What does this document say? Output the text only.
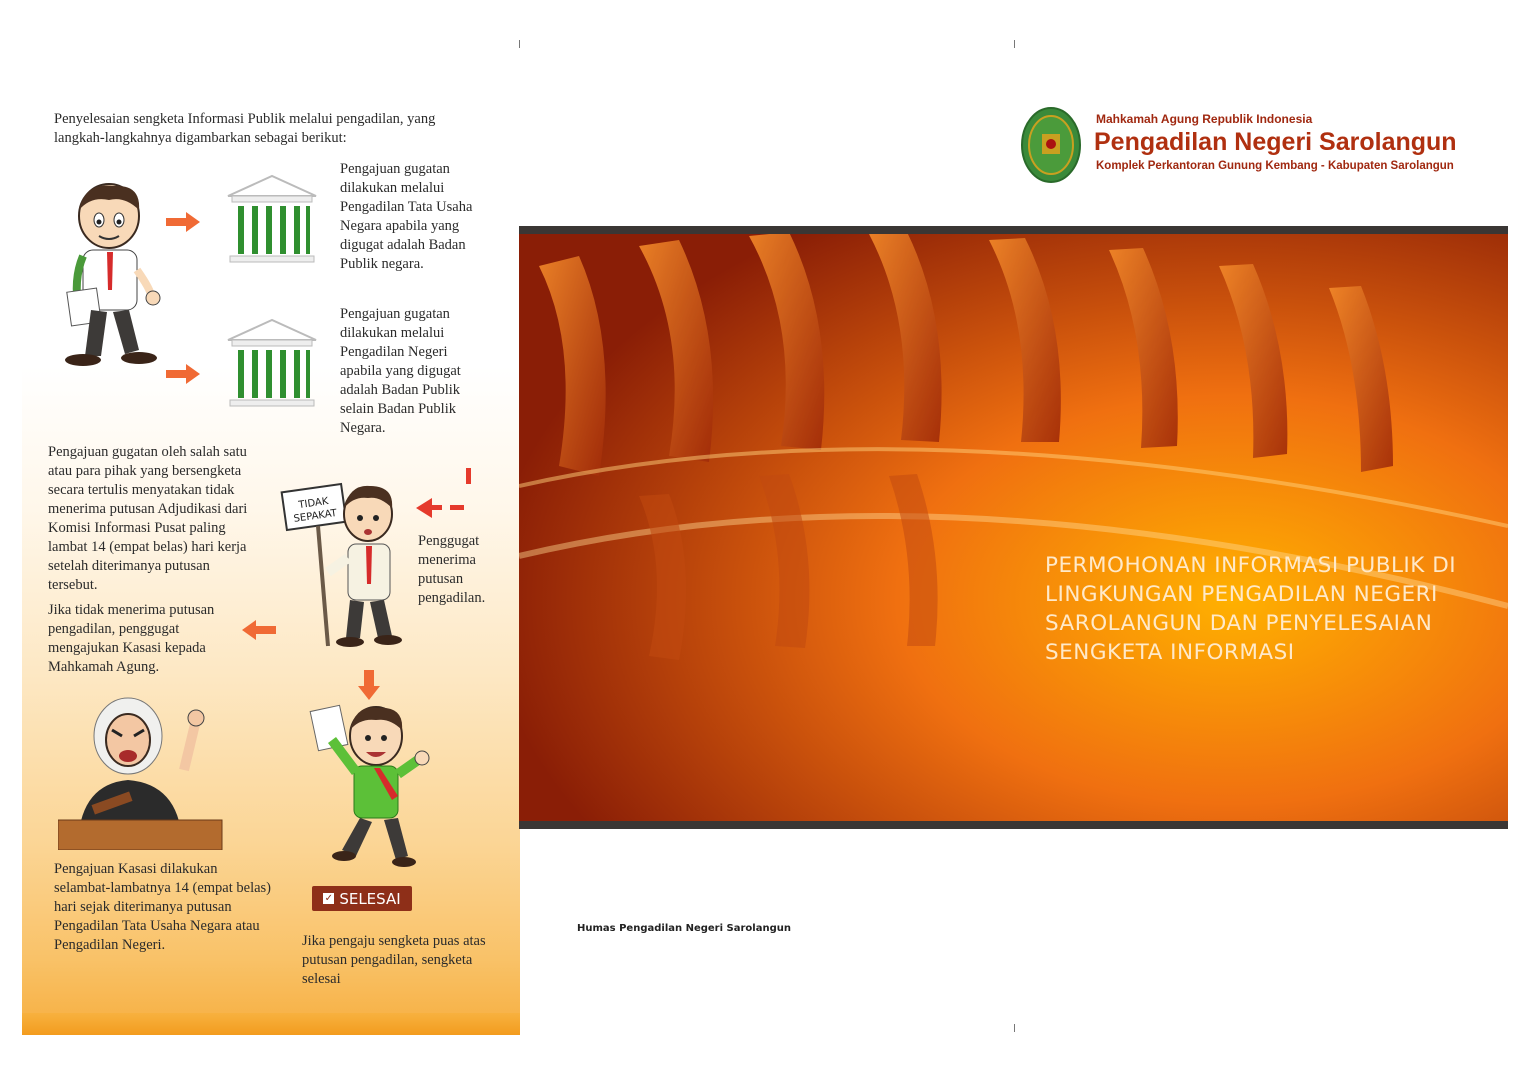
Penyelesaian sengketa Informasi Publik melalui pengadilan, yang langkah-langkahnya digambarkan sebagai berikut:

Pengajuan gugatan dilakukan melalui Pengadilan Tata Usaha Negara apabila yang digugat adalah Badan Publik negara.

Pengajuan gugatan dilakukan melalui Pengadilan Negeri apabila yang digugat adalah Badan Publik selain Badan Publik Negara.

Pengajuan gugatan oleh salah satu atau para pihak yang bersengketa secara tertulis menyatakan tidak menerima putusan Adjudikasi dari Komisi Informasi Pusat paling lambat 14 (empat belas) hari kerja setelah diterimanya putusan tersebut.

Jika tidak menerima putusan pengadilan, penggugat mengajukan Kasasi kepada Mahkamah Agung.

TIDAK
SEPAKAT

Penggugat menerima putusan pengadilan.

Pengajuan Kasasi dilakukan selambat-lambatnya 14 (empat belas) hari sejak diterimanya putusan Pengadilan Tata Usaha Negara atau Pengadilan Negeri.

✓ SELESAI

Jika pengaju sengketa puas atas putusan pengadilan, sengketa selesai

Mahkamah Agung Republik Indonesia

Pengadilan Negeri Sarolangun

Komplek Perkantoran Gunung Kembang - Kabupaten Sarolangun

PERMOHONAN INFORMASI PUBLIK DI LINGKUNGAN PENGADILAN NEGERI SAROLANGUN DAN PENYELESAIAN SENGKETA INFORMASI

Humas Pengadilan Negeri Sarolangun
